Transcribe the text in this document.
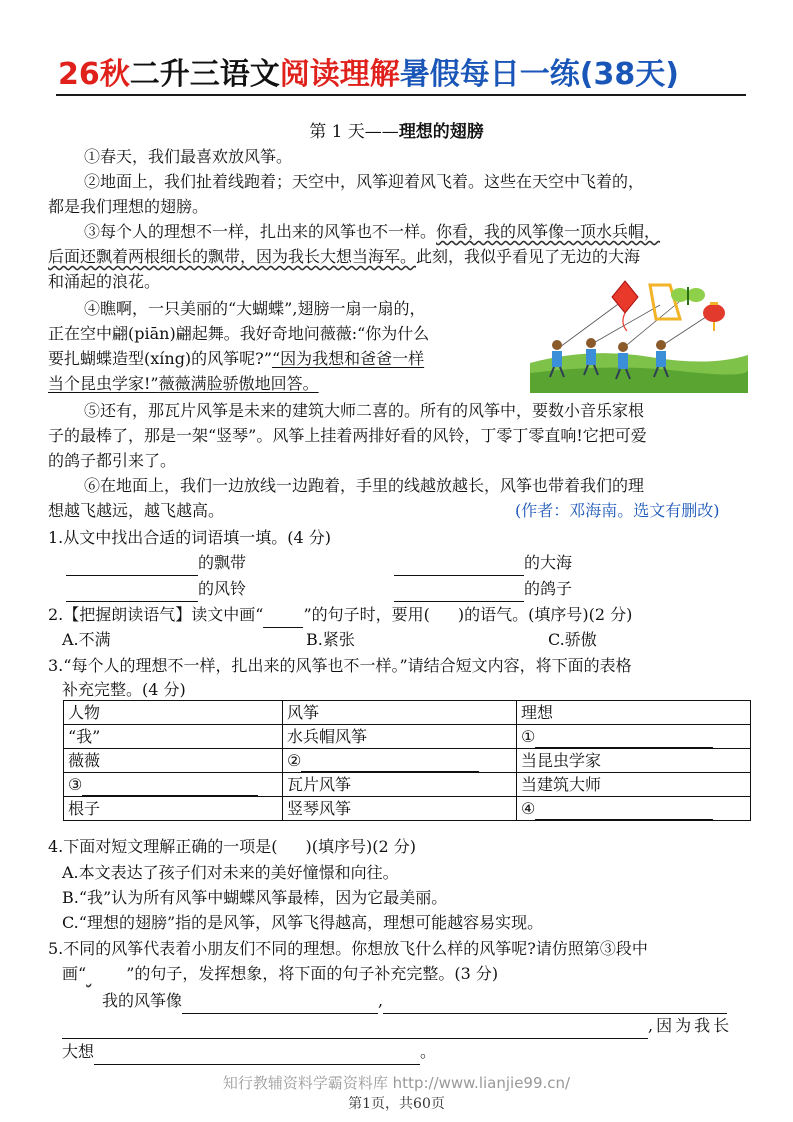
26秋二升三语文阅读理解暑假每日一练(38天)
第 1 天——理想的翅膀
①春天，我们最喜欢放风筝。
②地面上，我们扯着线跑着；天空中，风筝迎着风飞着。这些在天空中飞着的，
都是我们理想的翅膀。
③每个人的理想不一样，扎出来的风筝也不一样。你看，我的风筝像一顶水兵帽，
后面还飘着两根细长的飘带，因为我长大想当海军。此刻，我似乎看见了无边的大海
和涌起的浪花。
④瞧啊，一只美丽的“大蝴蝶”,翅膀一扇一扇的，
正在空中翩(piān)翩起舞。我好奇地问薇薇:“你为什么
要扎蝴蝶造型(xíng)的风筝呢?”“因为我想和爸爸一样
当个昆虫学家!”薇薇满脸骄傲地回答。
⑤还有，那瓦片风筝是未来的建筑大师二喜的。所有的风筝中，要数小音乐家根
子的最棒了，那是一架“竖琴”。风筝上挂着两排好看的风铃，丁零丁零直响!它把可爱
的鸽子都引来了。
⑥在地面上，我们一边放线一边跑着，手里的线越放越长，风筝也带着我们的理
想越飞越远，越飞越高。	(作者：邓海南。选文有删改)
1.从文中找出合适的词语填一填。(4 分)
的飘带	的大海
的风铃	的鸽子
2.【把握朗读语气】读文中画“	”的句子时，要用( )的语气。(填序号)(2 分)
A.不满	B.紧张	C.骄傲
3.“每个人的理想不一样，扎出来的风筝也不一样。”请结合短文内容，将下面的表格
补充完整。(4 分)
人物	风筝	理想
“我”	水兵帽风筝	①
薇薇	②	当昆虫学家
③	瓦片风筝	当建筑大师
根子	竖琴风筝	④
4.下面对短文理解正确的一项是( )(填序号)(2 分)
A.本文表达了孩子们对未来的美好憧憬和向往。
B.“我”认为所有风筝中蝴蝶风筝最棒，因为它最美丽。
C.“理想的翅膀”指的是风筝，风筝飞得越高，理想可能越容易实现。
5.不同的风筝代表着小朋友们不同的理想。你想放飞什么样的风筝呢?请仿照第③段中
画“	”的句子，发挥想象，将下面的句子补充完整。(3 分)
我的风筝像	,
,因为我长
大想	。
知行教辅资料学霸资料库 http://www.lianjie99.cn/
第1页，共60页
